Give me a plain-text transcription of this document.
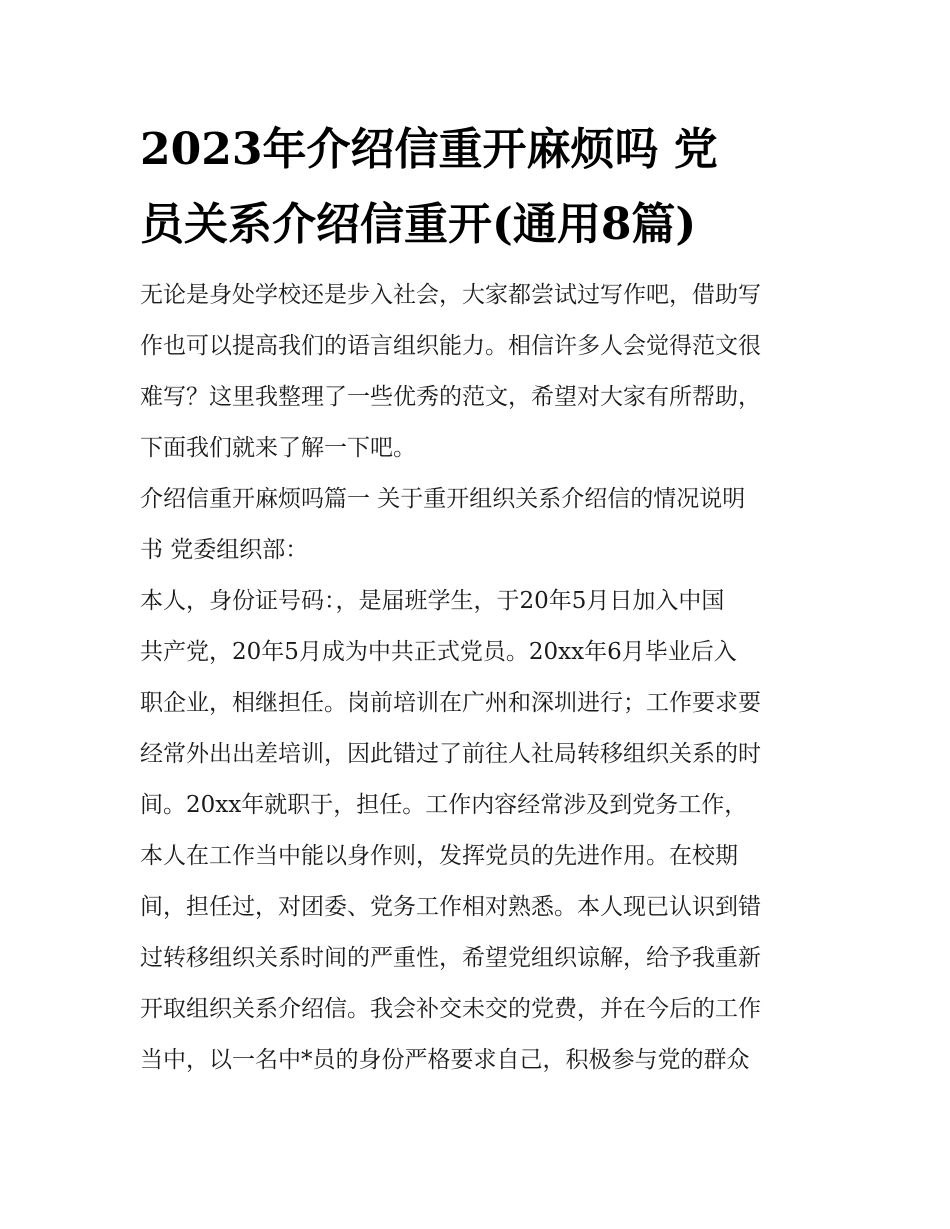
2023年介绍信重开麻烦吗 党
员关系介绍信重开(通用8篇)
无论是身处学校还是步入社会，大家都尝试过写作吧，借助写
作也可以提高我们的语言组织能力。相信许多人会觉得范文很
难写？这里我整理了一些优秀的范文，希望对大家有所帮助，
下面我们就来了解一下吧。
介绍信重开麻烦吗篇一 关于重开组织关系介绍信的情况说明
书 党委组织部：
本人，身份证号码：，是届班学生，于20年5月日加入中国
共产党，20年5月成为中共正式党员。20xx年6月毕业后入
职企业，相继担任。岗前培训在广州和深圳进行；工作要求要
经常外出出差培训，因此错过了前往人社局转移组织关系的时
间。20xx年就职于，担任。工作内容经常涉及到党务工作，
本人在工作当中能以身作则，发挥党员的先进作用。在校期
间，担任过，对团委、党务工作相对熟悉。本人现已认识到错
过转移组织关系时间的严重性，希望党组织谅解，给予我重新
开取组织关系介绍信。我会补交未交的党费，并在今后的工作
当中，以一名中*员的身份严格要求自己，积极参与党的群众
